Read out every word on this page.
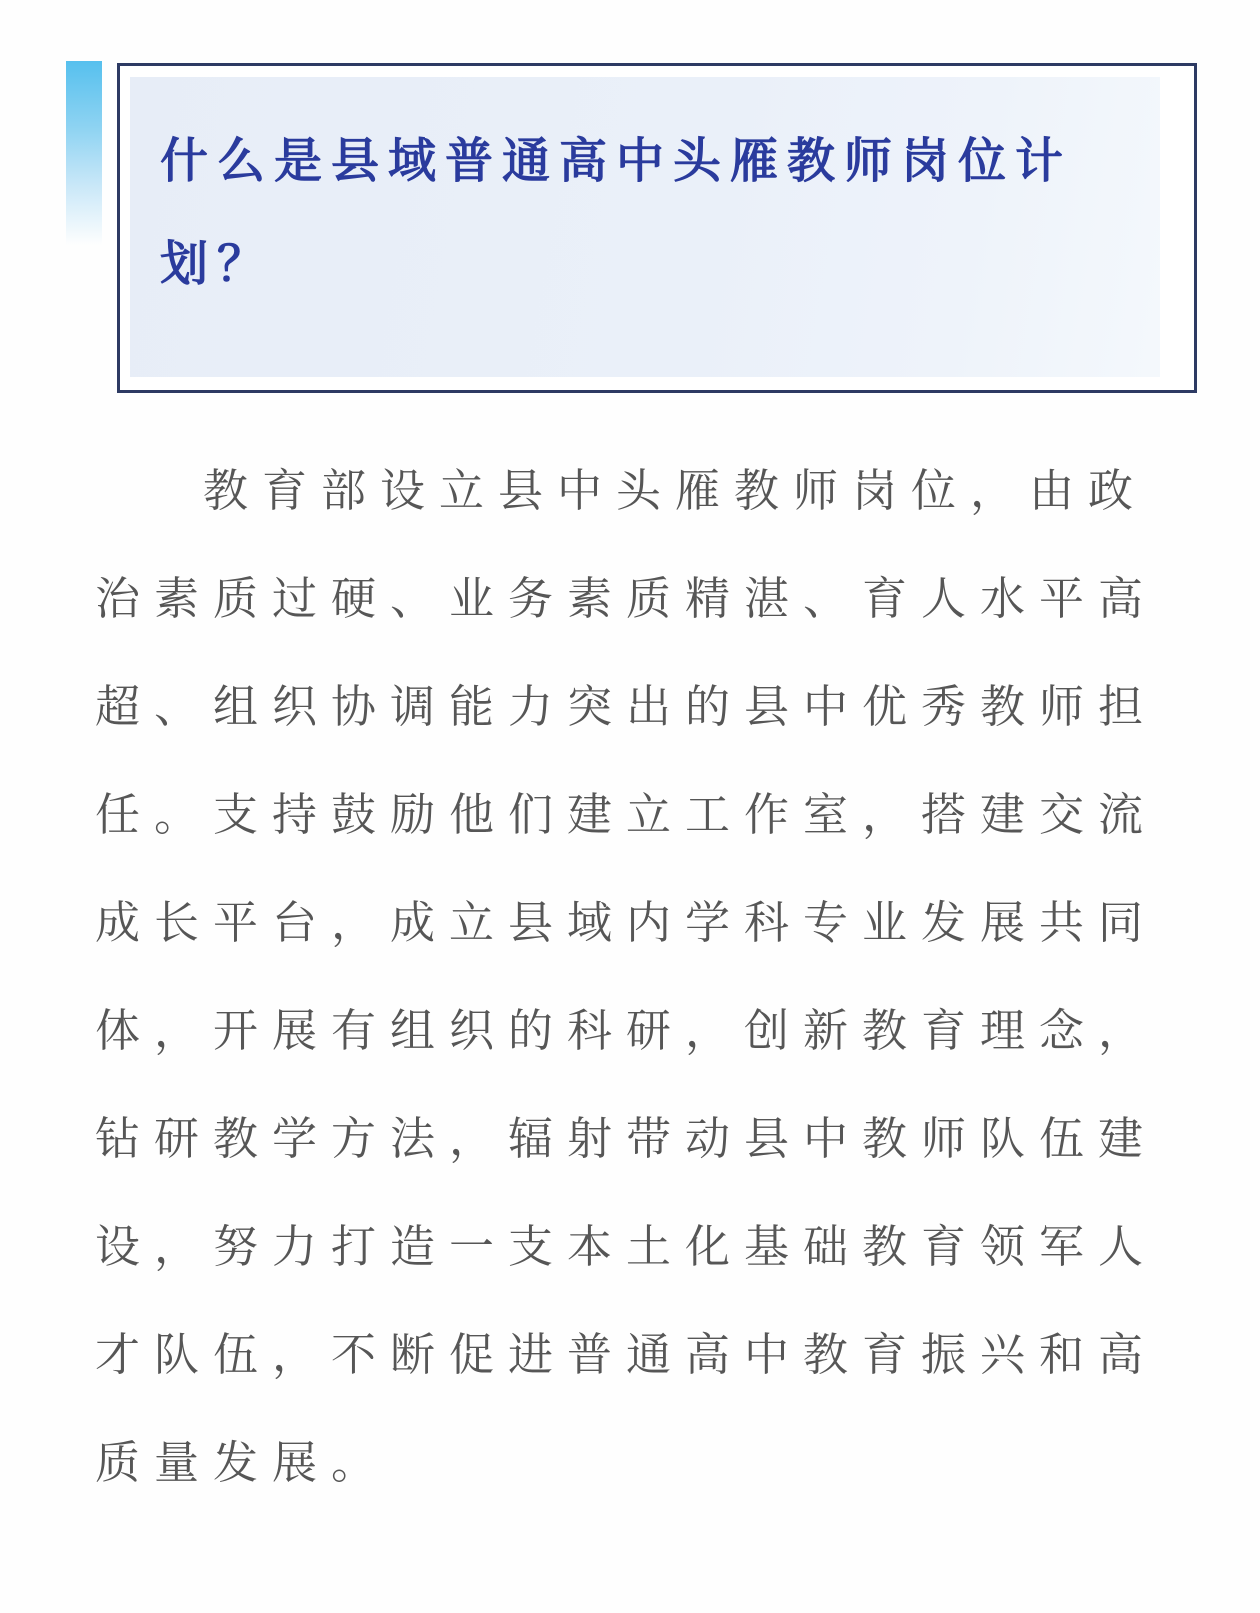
什么是县域普通高中头雁教师岗位计划？

教育部设立县中头雁教师岗位，由政治素质过硬、业务素质精湛、育人水平高超、组织协调能力突出的县中优秀教师担任。支持鼓励他们建立工作室，搭建交流成长平台，成立县域内学科专业发展共同体，开展有组织的科研，创新教育理念，钻研教学方法，辐射带动县中教师队伍建设，努力打造一支本土化基础教育领军人才队伍，不断促进普通高中教育振兴和高质量发展。
